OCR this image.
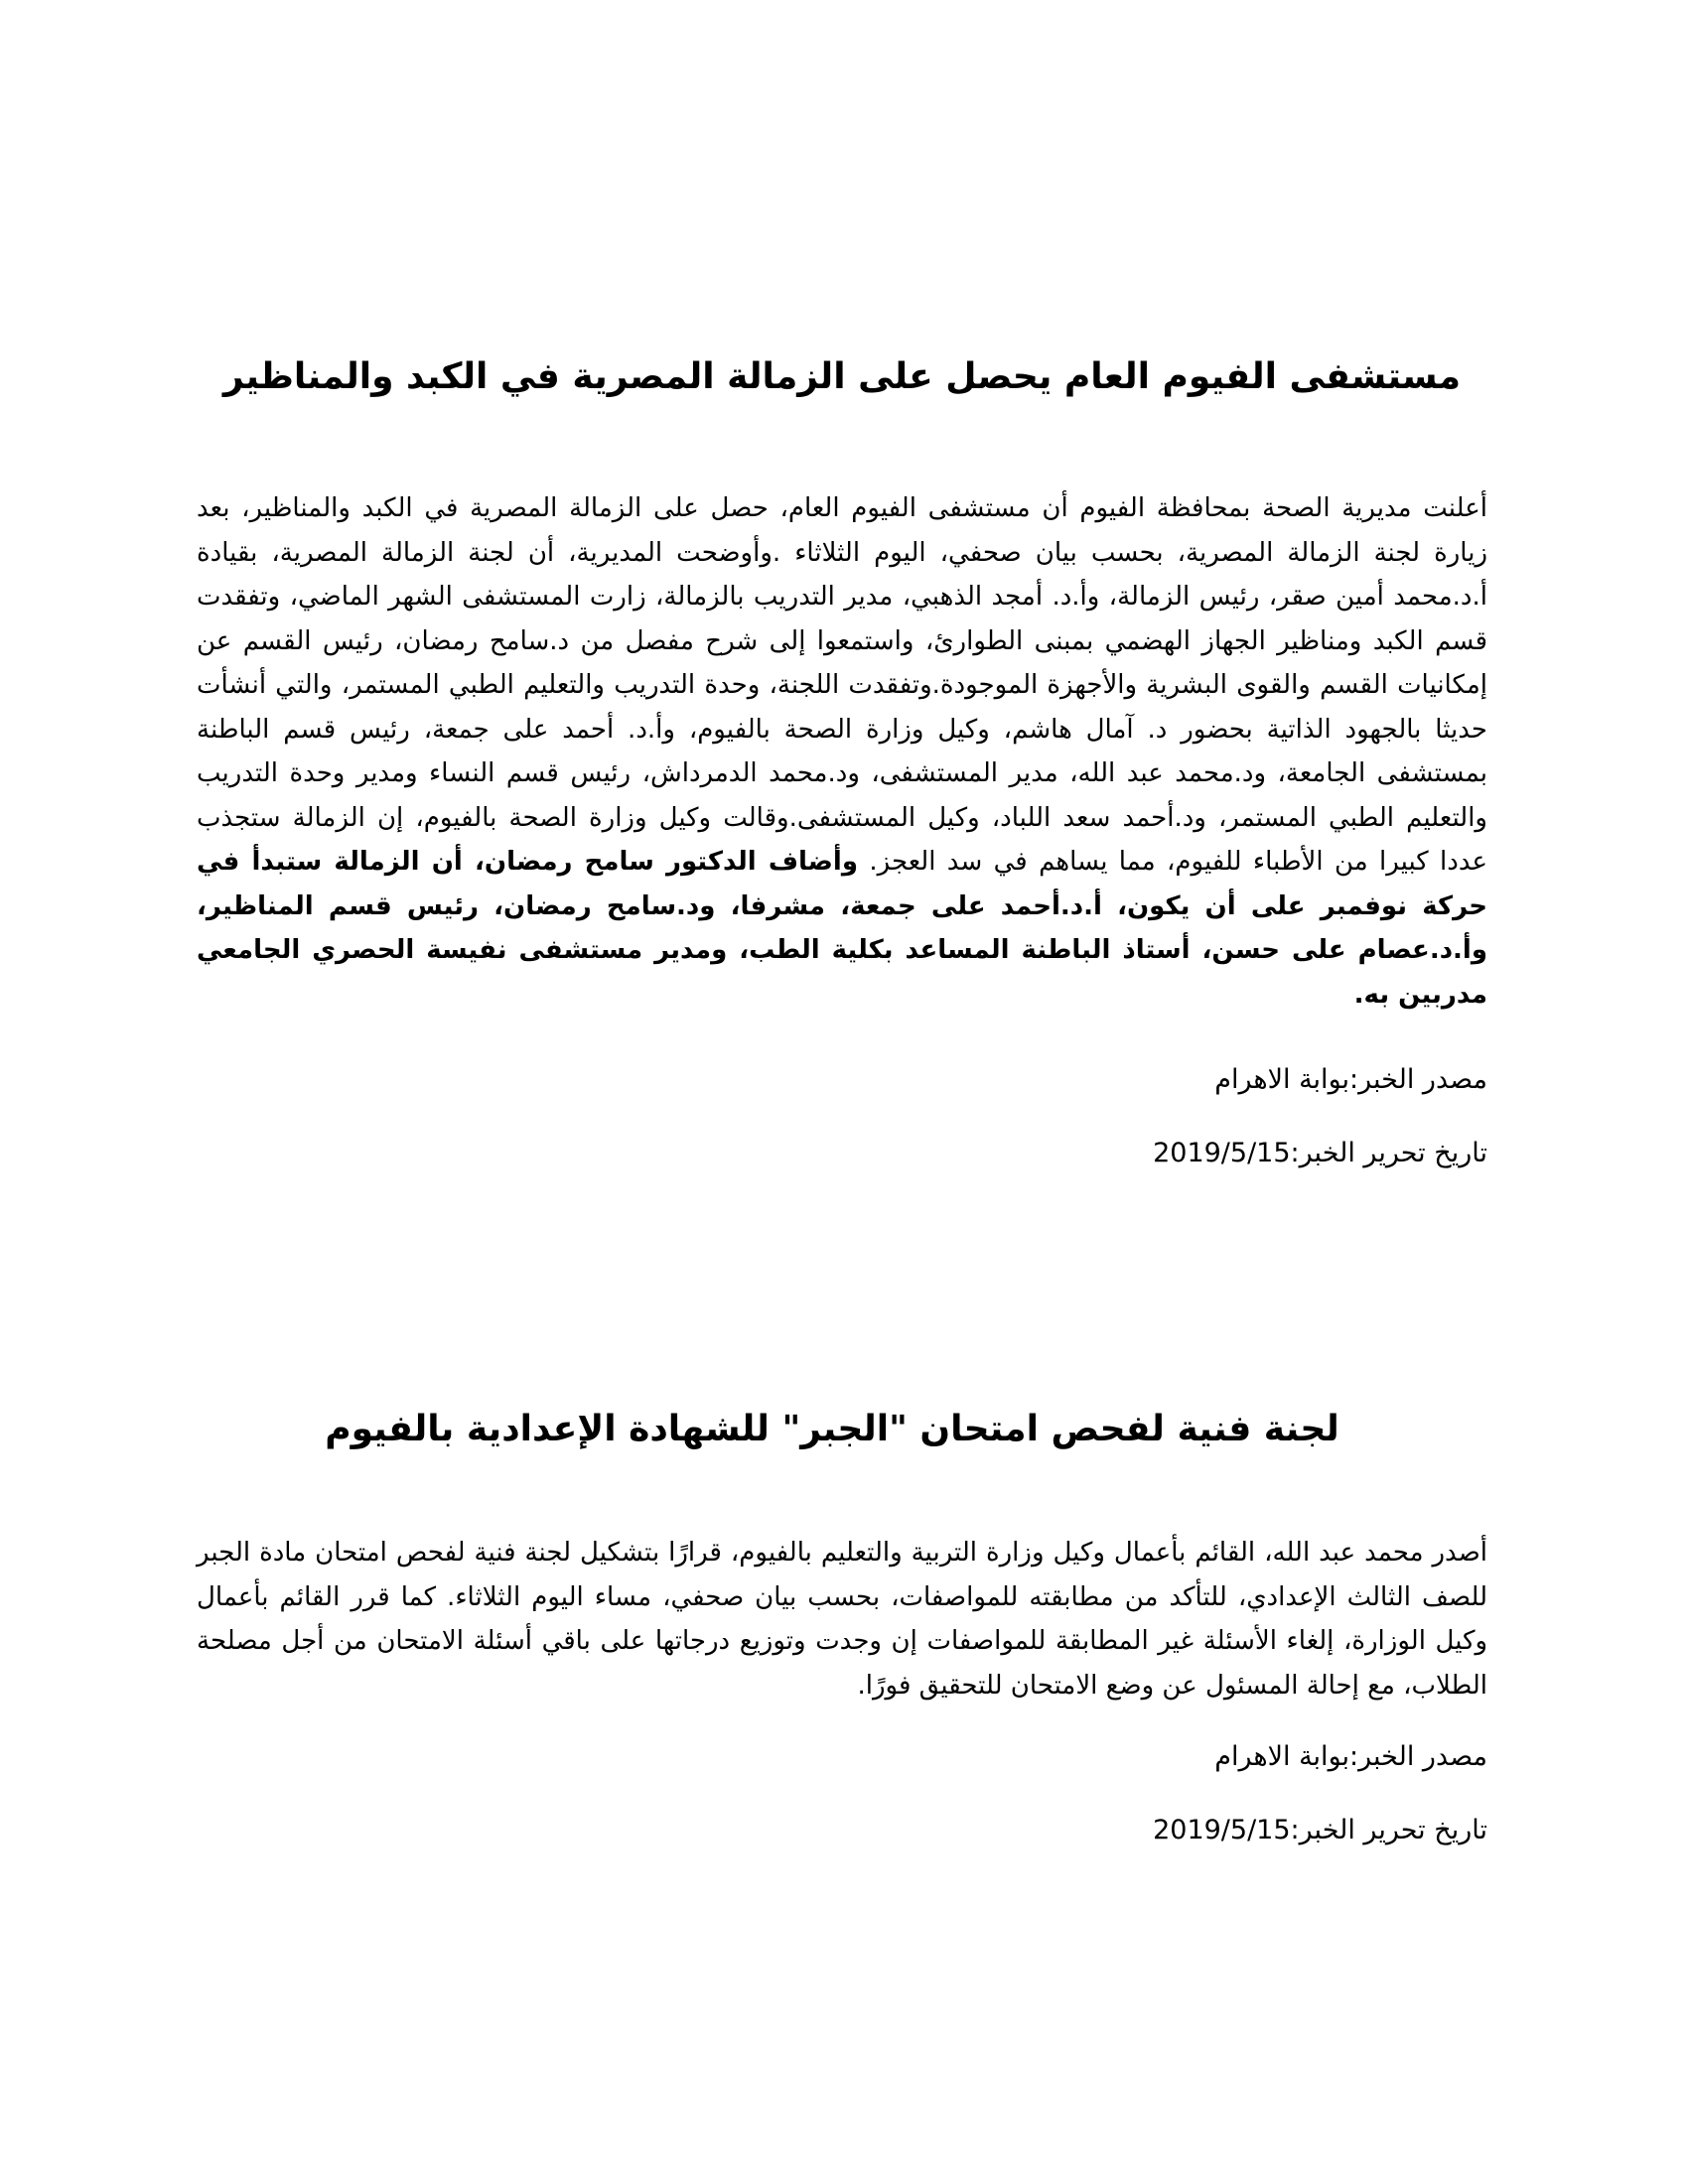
مستشفى الفيوم العام يحصل على الزمالة المصرية في الكبد والمناظير

أعلنت مديرية الصحة بمحافظة الفيوم أن مستشفى الفيوم العام، حصل على الزمالة المصرية في الكبد والمناظير، بعد زيارة لجنة الزمالة المصرية، بحسب بيان صحفي، اليوم الثلاثاء .وأوضحت المديرية، أن لجنة الزمالة المصرية، بقيادة أ.د.محمد أمين صقر، رئيس الزمالة، وأ.د. أمجد الذهبي، مدير التدريب بالزمالة، زارت المستشفى الشهر الماضي، وتفقدت قسم الكبد ومناظير الجهاز الهضمي بمبنى الطوارئ، واستمعوا إلى شرح مفصل من د.سامح رمضان، رئيس القسم عن إمكانيات القسم والقوى البشرية والأجهزة الموجودة.وتفقدت اللجنة، وحدة التدريب والتعليم الطبي المستمر، والتي أنشأت حديثا بالجهود الذاتية بحضور د. آمال هاشم، وكيل وزارة الصحة بالفيوم، وأ.د. أحمد على جمعة، رئيس قسم الباطنة بمستشفى الجامعة، ود.محمد عبد الله، مدير المستشفى، ود.محمد الدمرداش، رئيس قسم النساء ومدير وحدة التدريب والتعليم الطبي المستمر، ود.أحمد سعد اللباد، وكيل المستشفى.وقالت وكيل وزارة الصحة بالفيوم، إن الزمالة ستجذب عددا كبيرا من الأطباء للفيوم، مما يساهم في سد العجز. وأضاف الدكتور سامح رمضان، أن الزمالة ستبدأ في حركة نوفمبر على أن يكون، أ.د.أحمد على جمعة، مشرفا، ود.سامح رمضان، رئيس قسم المناظير، وأ.د.عصام على حسن، أستاذ الباطنة المساعد بكلية الطب، ومدير مستشفى نفيسة الحصري الجامعي مدربين به.

مصدر الخبر:بوابة الاهرام

تاريخ تحرير الخبر:2019/5/15

لجنة فنية لفحص امتحان "الجبر" للشهادة الإعدادية بالفيوم

أصدر محمد عبد الله، القائم بأعمال وكيل وزارة التربية والتعليم بالفيوم، قرارًا بتشكيل لجنة فنية لفحص امتحان مادة الجبر للصف الثالث الإعدادي، للتأكد من مطابقته للمواصفات، بحسب بيان صحفي، مساء اليوم الثلاثاء. كما قرر القائم بأعمال وكيل الوزارة، إلغاء الأسئلة غير المطابقة للمواصفات إن وجدت وتوزيع درجاتها على باقي أسئلة الامتحان من أجل مصلحة الطلاب، مع إحالة المسئول عن وضع الامتحان للتحقيق فورًا.

مصدر الخبر:بوابة الاهرام

تاريخ تحرير الخبر:2019/5/15
